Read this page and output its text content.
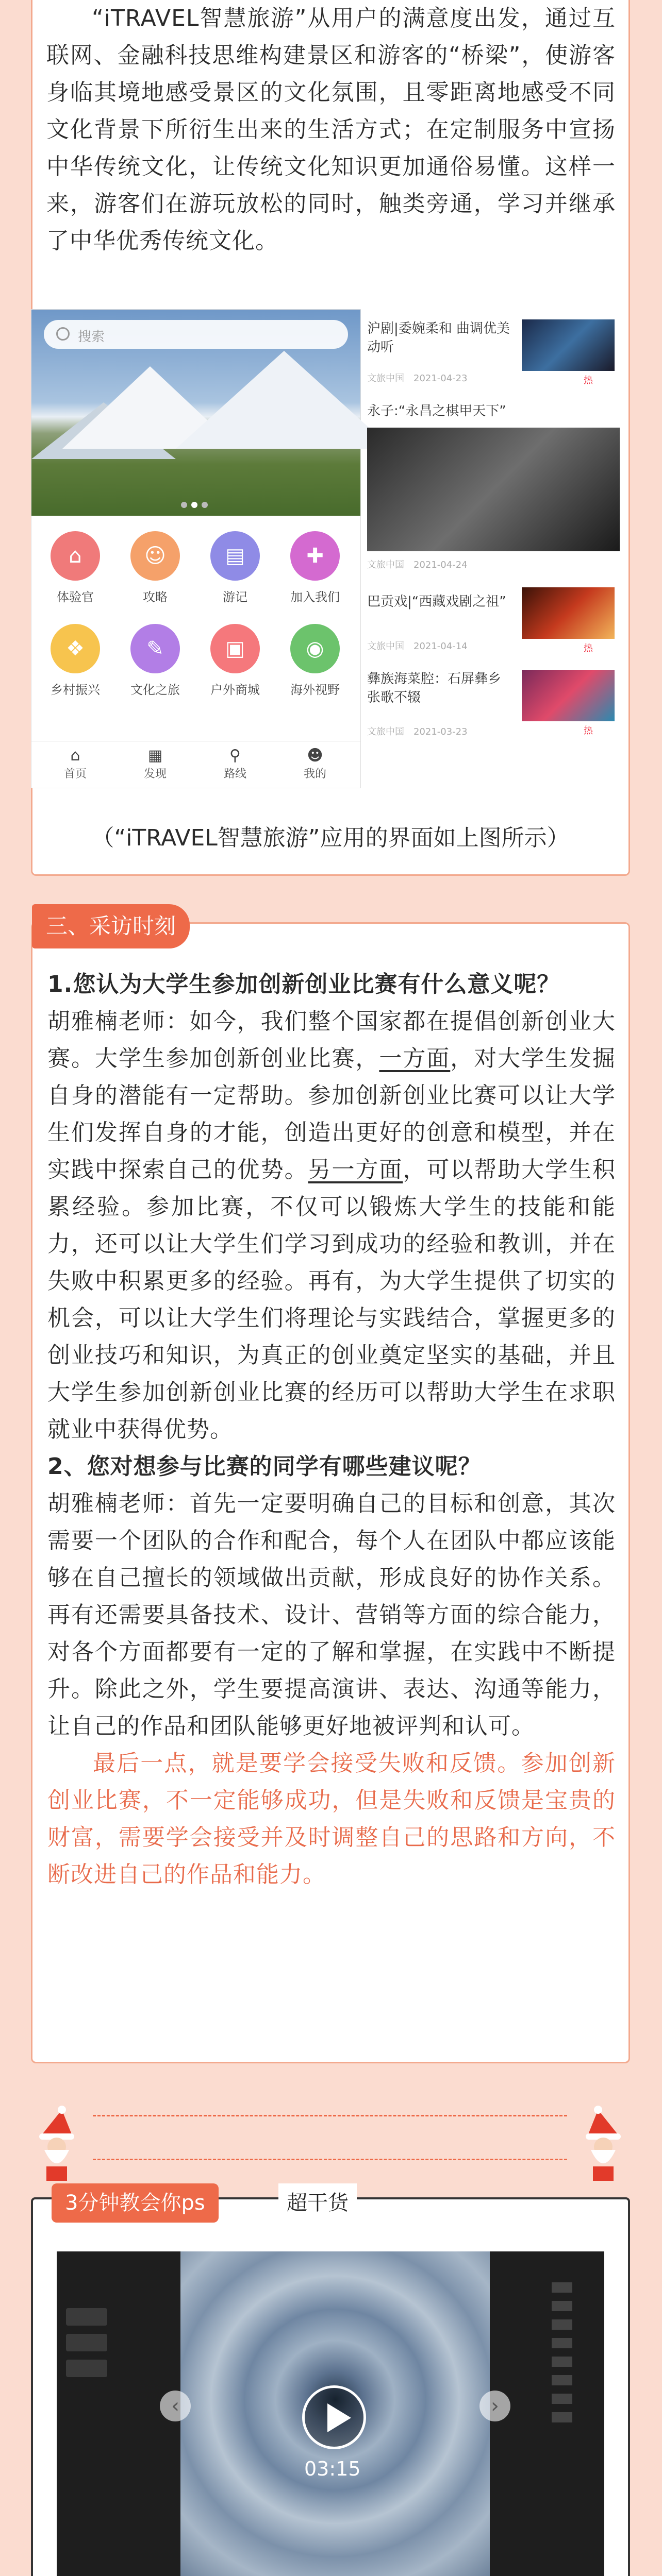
“iTRAVEL智慧旅游”从用户的满意度出发，通过互联网、金融科技思维构建景区和游客的“桥梁”，使游客身临其境地感受景区的文化氛围，且零距离地感受不同文化背景下所衍生出来的生活方式；在定制服务中宣扬中华传统文化，让传统文化知识更加通俗易懂。这样一来，游客们在游玩放松的同时，触类旁通，学习并继承了中华优秀传统文化。

搜索
⌂
体验官
☺
攻略
▤
游记
✚
加入我们
❖
乡村振兴
✎
文化之旅
▣
户外商城
◉
海外视野
⌂
首页
▦
发现
⚲
路线
☻
我的
沪剧|委婉柔和 曲调优美动听
文旅中国　2021-04-23	热
永子:“永昌之棋甲天下”
文旅中国　2021-04-24
巴贡戏|“西藏戏剧之祖”
文旅中国　2021-04-14	热
彝族海菜腔：石屏彝乡 张歌不辍
文旅中国　2021-03-23	热
（“iTRAVEL智慧旅游”应用的界面如上图所示）
三、采访时刻

1.您认为大学生参加创新创业比赛有什么意义呢？

胡雅楠老师：如今，我们整个国家都在提倡创新创业大赛。大学生参加创新创业比赛，一方面，对大学生发掘自身的潜能有一定帮助。参加创新创业比赛可以让大学生们发挥自身的才能，创造出更好的创意和模型，并在实践中探索自己的优势。另一方面，可以帮助大学生积累经验。参加比赛，不仅可以锻炼大学生的技能和能力，还可以让大学生们学习到成功的经验和教训，并在失败中积累更多的经验。再有，为大学生提供了切实的机会，可以让大学生们将理论与实践结合，掌握更多的创业技巧和知识，为真正的创业奠定坚实的基础，并且大学生参加创新创业比赛的经历可以帮助大学生在求职就业中获得优势。

2、您对想参与比赛的同学有哪些建议呢？

胡雅楠老师：首先一定要明确自己的目标和创意，其次需要一个团队的合作和配合，每个人在团队中都应该能够在自己擅长的领域做出贡献，形成良好的协作关系。再有还需要具备技术、设计、营销等方面的综合能力，对各个方面都要有一定的了解和掌握，在实践中不断提升。除此之外，学生要提高演讲、表达、沟通等能力，让自己的作品和团队能够更好地被评判和认可。

最后一点，就是要学会接受失败和反馈。参加创新创业比赛，不一定能够成功，但是失败和反馈是宝贵的财富，需要学会接受并及时调整自己的思路和方向，不断改进自己的作品和能力。

3分钟教会你ps	超干货
‹	›
03:15
